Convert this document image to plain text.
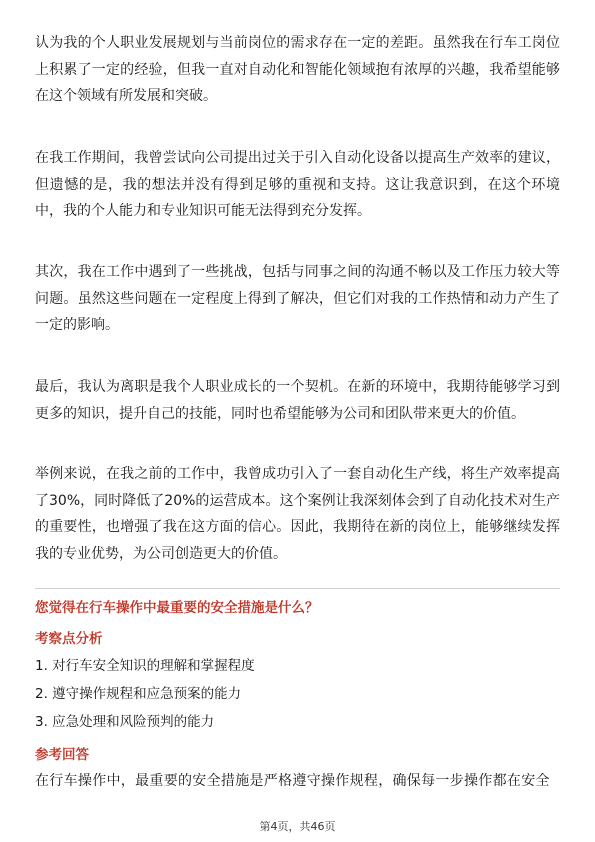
认为我的个人职业发展规划与当前岗位的需求存在一定的差距。虽然我在行车工岗位上积累了一定的经验，但我一直对自动化和智能化领域抱有浓厚的兴趣，我希望能够在这个领域有所发展和突破。

在我工作期间，我曾尝试向公司提出过关于引入自动化设备以提高生产效率的建议，但遗憾的是，我的想法并没有得到足够的重视和支持。这让我意识到，在这个环境中，我的个人能力和专业知识可能无法得到充分发挥。

其次，我在工作中遇到了一些挑战，包括与同事之间的沟通不畅以及工作压力较大等问题。虽然这些问题在一定程度上得到了解决，但它们对我的工作热情和动力产生了一定的影响。

最后，我认为离职是我个人职业成长的一个契机。在新的环境中，我期待能够学习到更多的知识，提升自己的技能，同时也希望能够为公司和团队带来更大的价值。

举例来说，在我之前的工作中，我曾成功引入了一套自动化生产线，将生产效率提高了30%，同时降低了20%的运营成本。这个案例让我深刻体会到了自动化技术对生产的重要性，也增强了我在这方面的信心。因此，我期待在新的岗位上，能够继续发挥我的专业优势，为公司创造更大的价值。

您觉得在行车操作中最重要的安全措施是什么？

考察点分析

1. 对行车安全知识的理解和掌握程度

2. 遵守操作规程和应急预案的能力

3. 应急处理和风险预判的能力

参考回答

在行车操作中，最重要的安全措施是严格遵守操作规程，确保每一步操作都在安全

第4页，共46页
